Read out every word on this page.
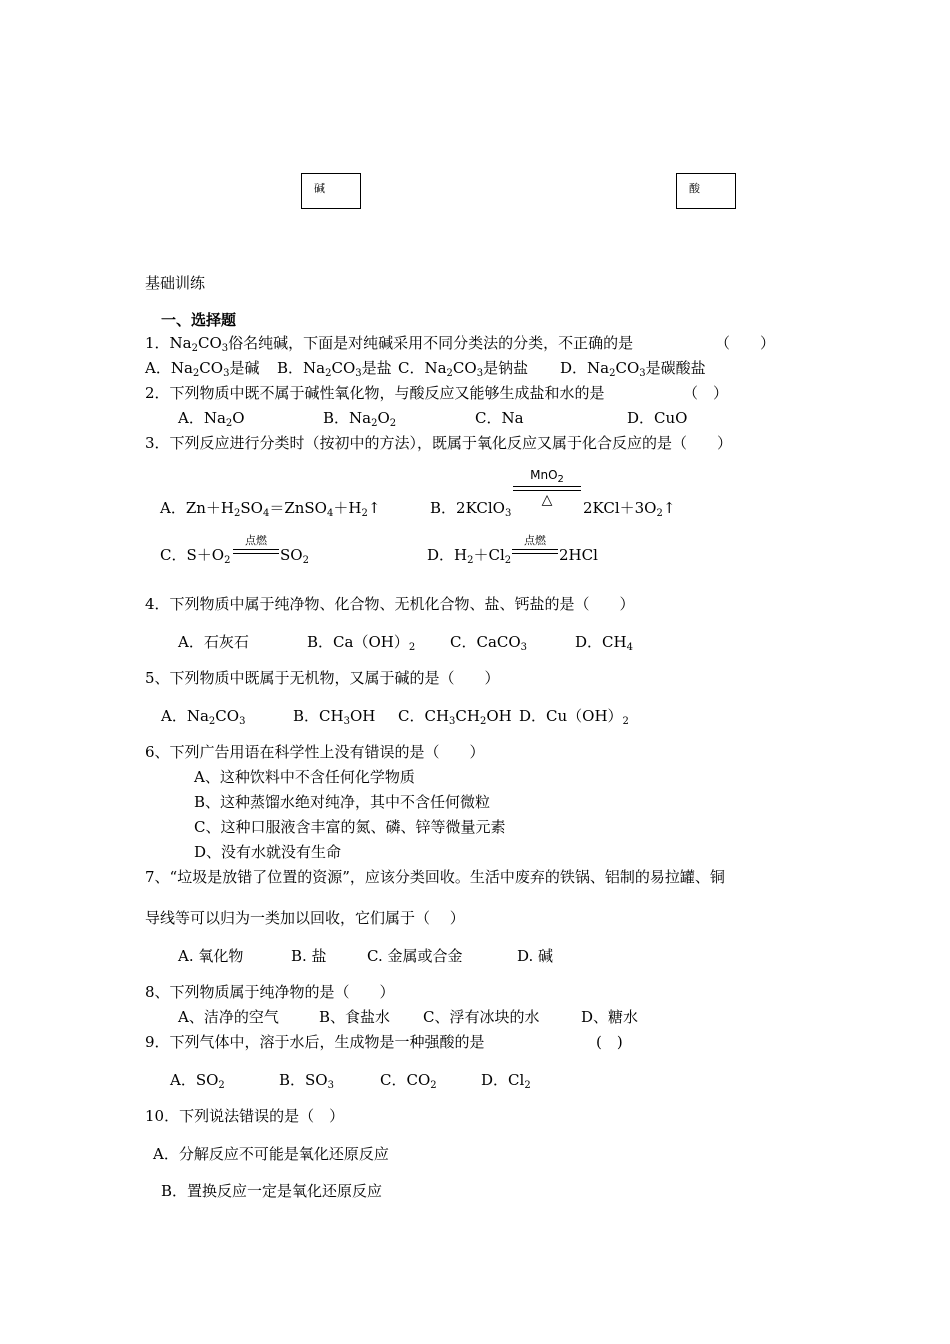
碱	酸
基础训练
一、选择题
1．$Na_2CO_3$俗名纯碱，下面是对纯碱采用不同分类法的分类，不正确的是	（　　）
A．$Na_2CO_3$是碱 B．$Na_2CO_3$是盐 C．$Na_2CO_3$是钠盐 D．$Na_2CO_3$是碳酸盐
2．下列物质中既不属于碱性氧化物，与酸反应又能够生成盐和水的是	（　）
A．$Na_2O$	B．$Na_2O_2$	C．Na	D．CuO
3．下列反应进行分类时（按初中的方法），既属于氧化反应又属于化合反应的是（　　）
A．$Zn+H_2SO_4=ZnSO_4+H_2↑$	B．2KClO$_3$
MnO$_2$
△	$2KCl+3O_2↑$
C．$S+O_2$
点燃
$SO_2$	D．$H_2+Cl_2$
点燃
2HCl
4．下列物质中属于纯净物、化合物、无机化合物、盐、钙盐的是（　　）
A．石灰石	B．$Ca(OH)_2$ C．CaCO$_3$	D．$CH_4$
5、下列物质中既属于无机物，又属于碱的是（　　）
A．$Na_2CO_3$	B．$CH_3OH$ C．$CH_3CH_2OH$ D．$Cu(OH)_2$
6、下列广告用语在科学性上没有错误的是（　　）
A、这种饮料中不含任何化学物质
B、这种蒸馏水绝对纯净，其中不含任何微粒
C、这种口服液含丰富的氮、磷、锌等微量元素
D、没有水就没有生命
7、“垃圾是放错了位置的资源”，应该分类回收。生活中废弃的铁锅、铝制的易拉罐、铜
导线等可以归为一类加以回收，它们属于（　 ）
A. 氧化物	B. 盐	C. 金属或合金	D. 碱
8、下列物质属于纯净物的是（　　）
A、洁净的空气	B、食盐水 C、浮有冰块的水	D、糖水
9．下列气体中，溶于水后，生成物是一种强酸的是	(　)
A．$SO_2$	B．$SO_3$	C．$CO_2$	D．$Cl_2$
10．下列说法错误的是（　）
A．分解反应不可能是氧化还原反应
B．置换反应一定是氧化还原反应
